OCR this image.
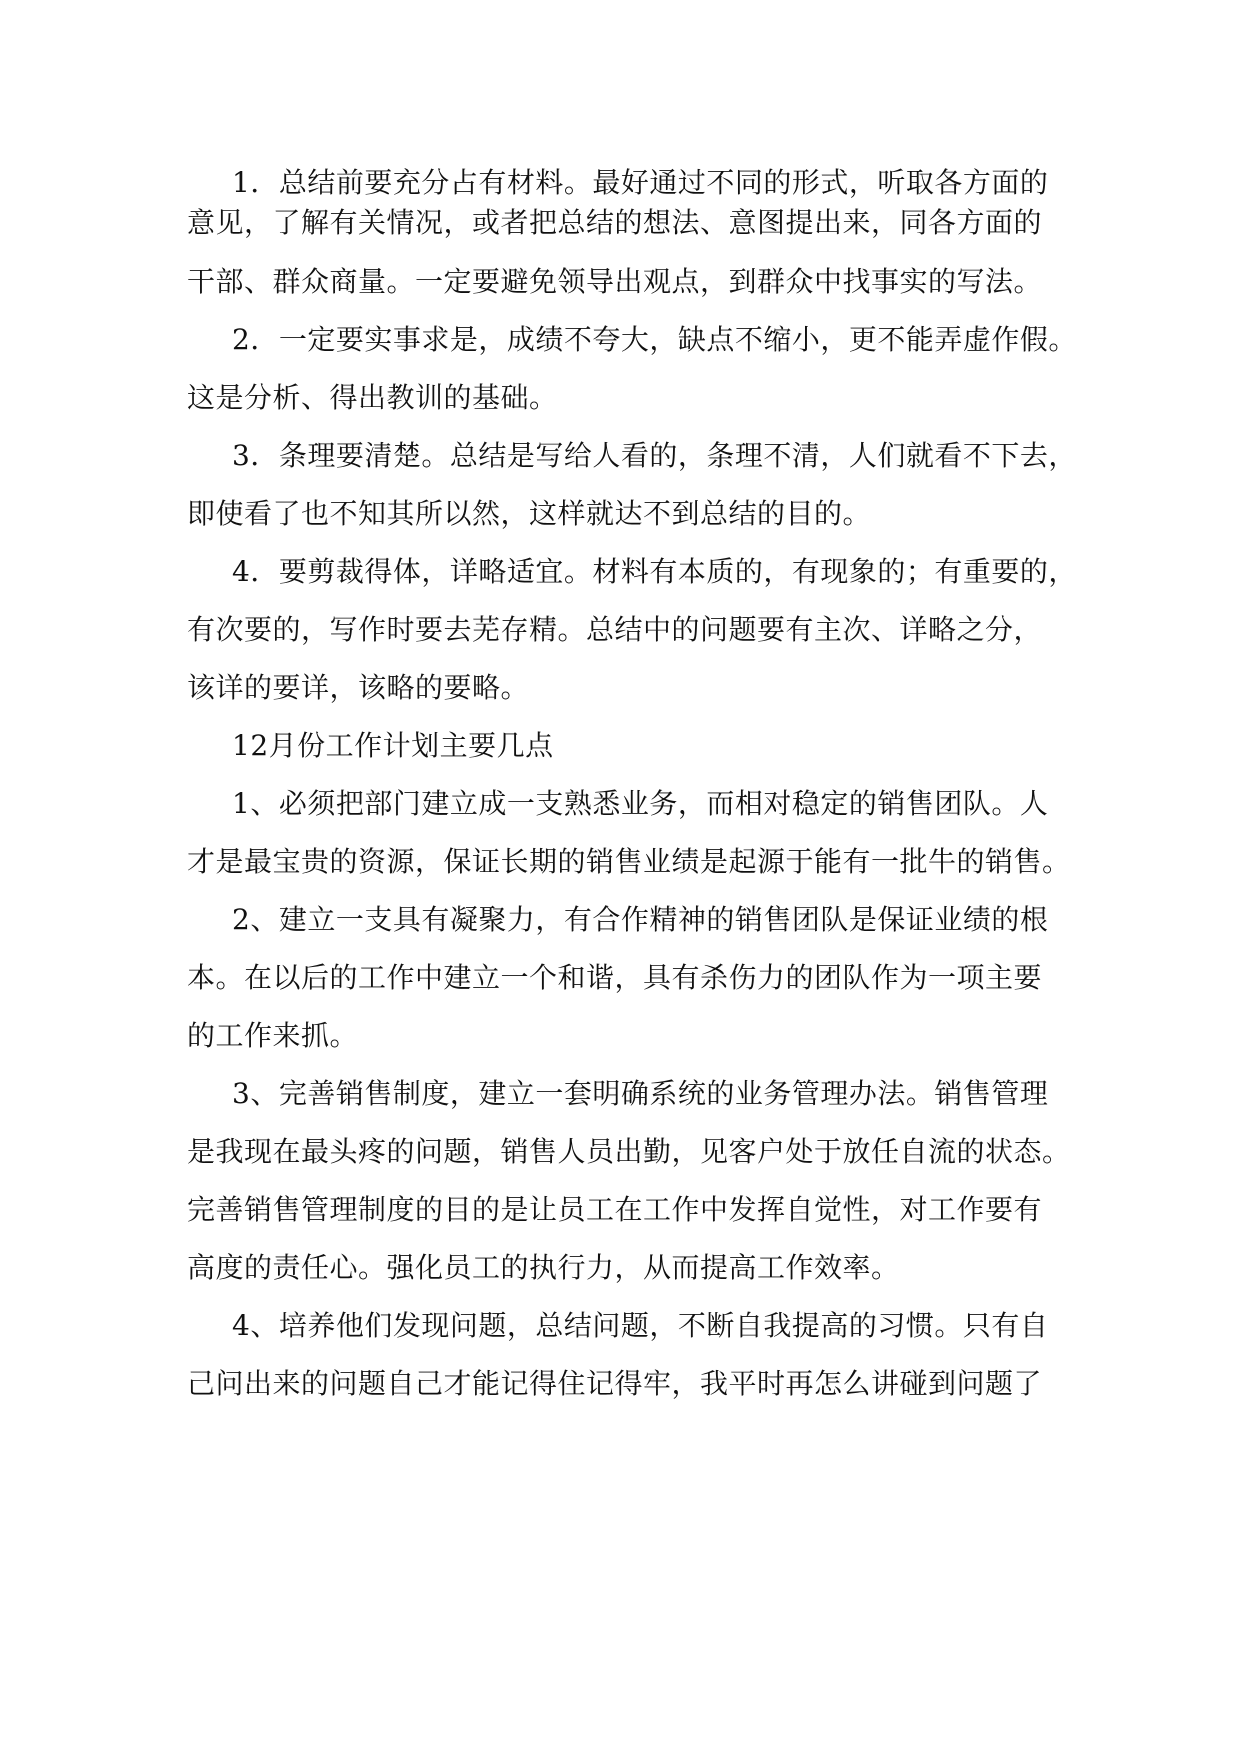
1．总结前要充分占有材料。最好通过不同的形式，听取各方面的
意见，了解有关情况，或者把总结的想法、意图提出来，同各方面的
干部、群众商量。一定要避免领导出观点，到群众中找事实的写法。
2．一定要实事求是，成绩不夸大，缺点不缩小，更不能弄虚作假。
这是分析、得出教训的基础。
3．条理要清楚。总结是写给人看的，条理不清，人们就看不下去，
即使看了也不知其所以然，这样就达不到总结的目的。
4．要剪裁得体，详略适宜。材料有本质的，有现象的；有重要的，
有次要的，写作时要去芜存精。总结中的问题要有主次、详略之分，
该详的要详，该略的要略。
12月份工作计划主要几点
1、必须把部门建立成一支熟悉业务，而相对稳定的销售团队。人
才是最宝贵的资源，保证长期的销售业绩是起源于能有一批牛的销售。
2、建立一支具有凝聚力，有合作精神的销售团队是保证业绩的根
本。在以后的工作中建立一个和谐，具有杀伤力的团队作为一项主要
的工作来抓。
3、完善销售制度，建立一套明确系统的业务管理办法。销售管理
是我现在最头疼的问题，销售人员出勤，见客户处于放任自流的状态。
完善销售管理制度的目的是让员工在工作中发挥自觉性，对工作要有
高度的责任心。强化员工的执行力，从而提高工作效率。
4、培养他们发现问题，总结问题，不断自我提高的习惯。只有自
己问出来的问题自己才能记得住记得牢，我平时再怎么讲碰到问题了
